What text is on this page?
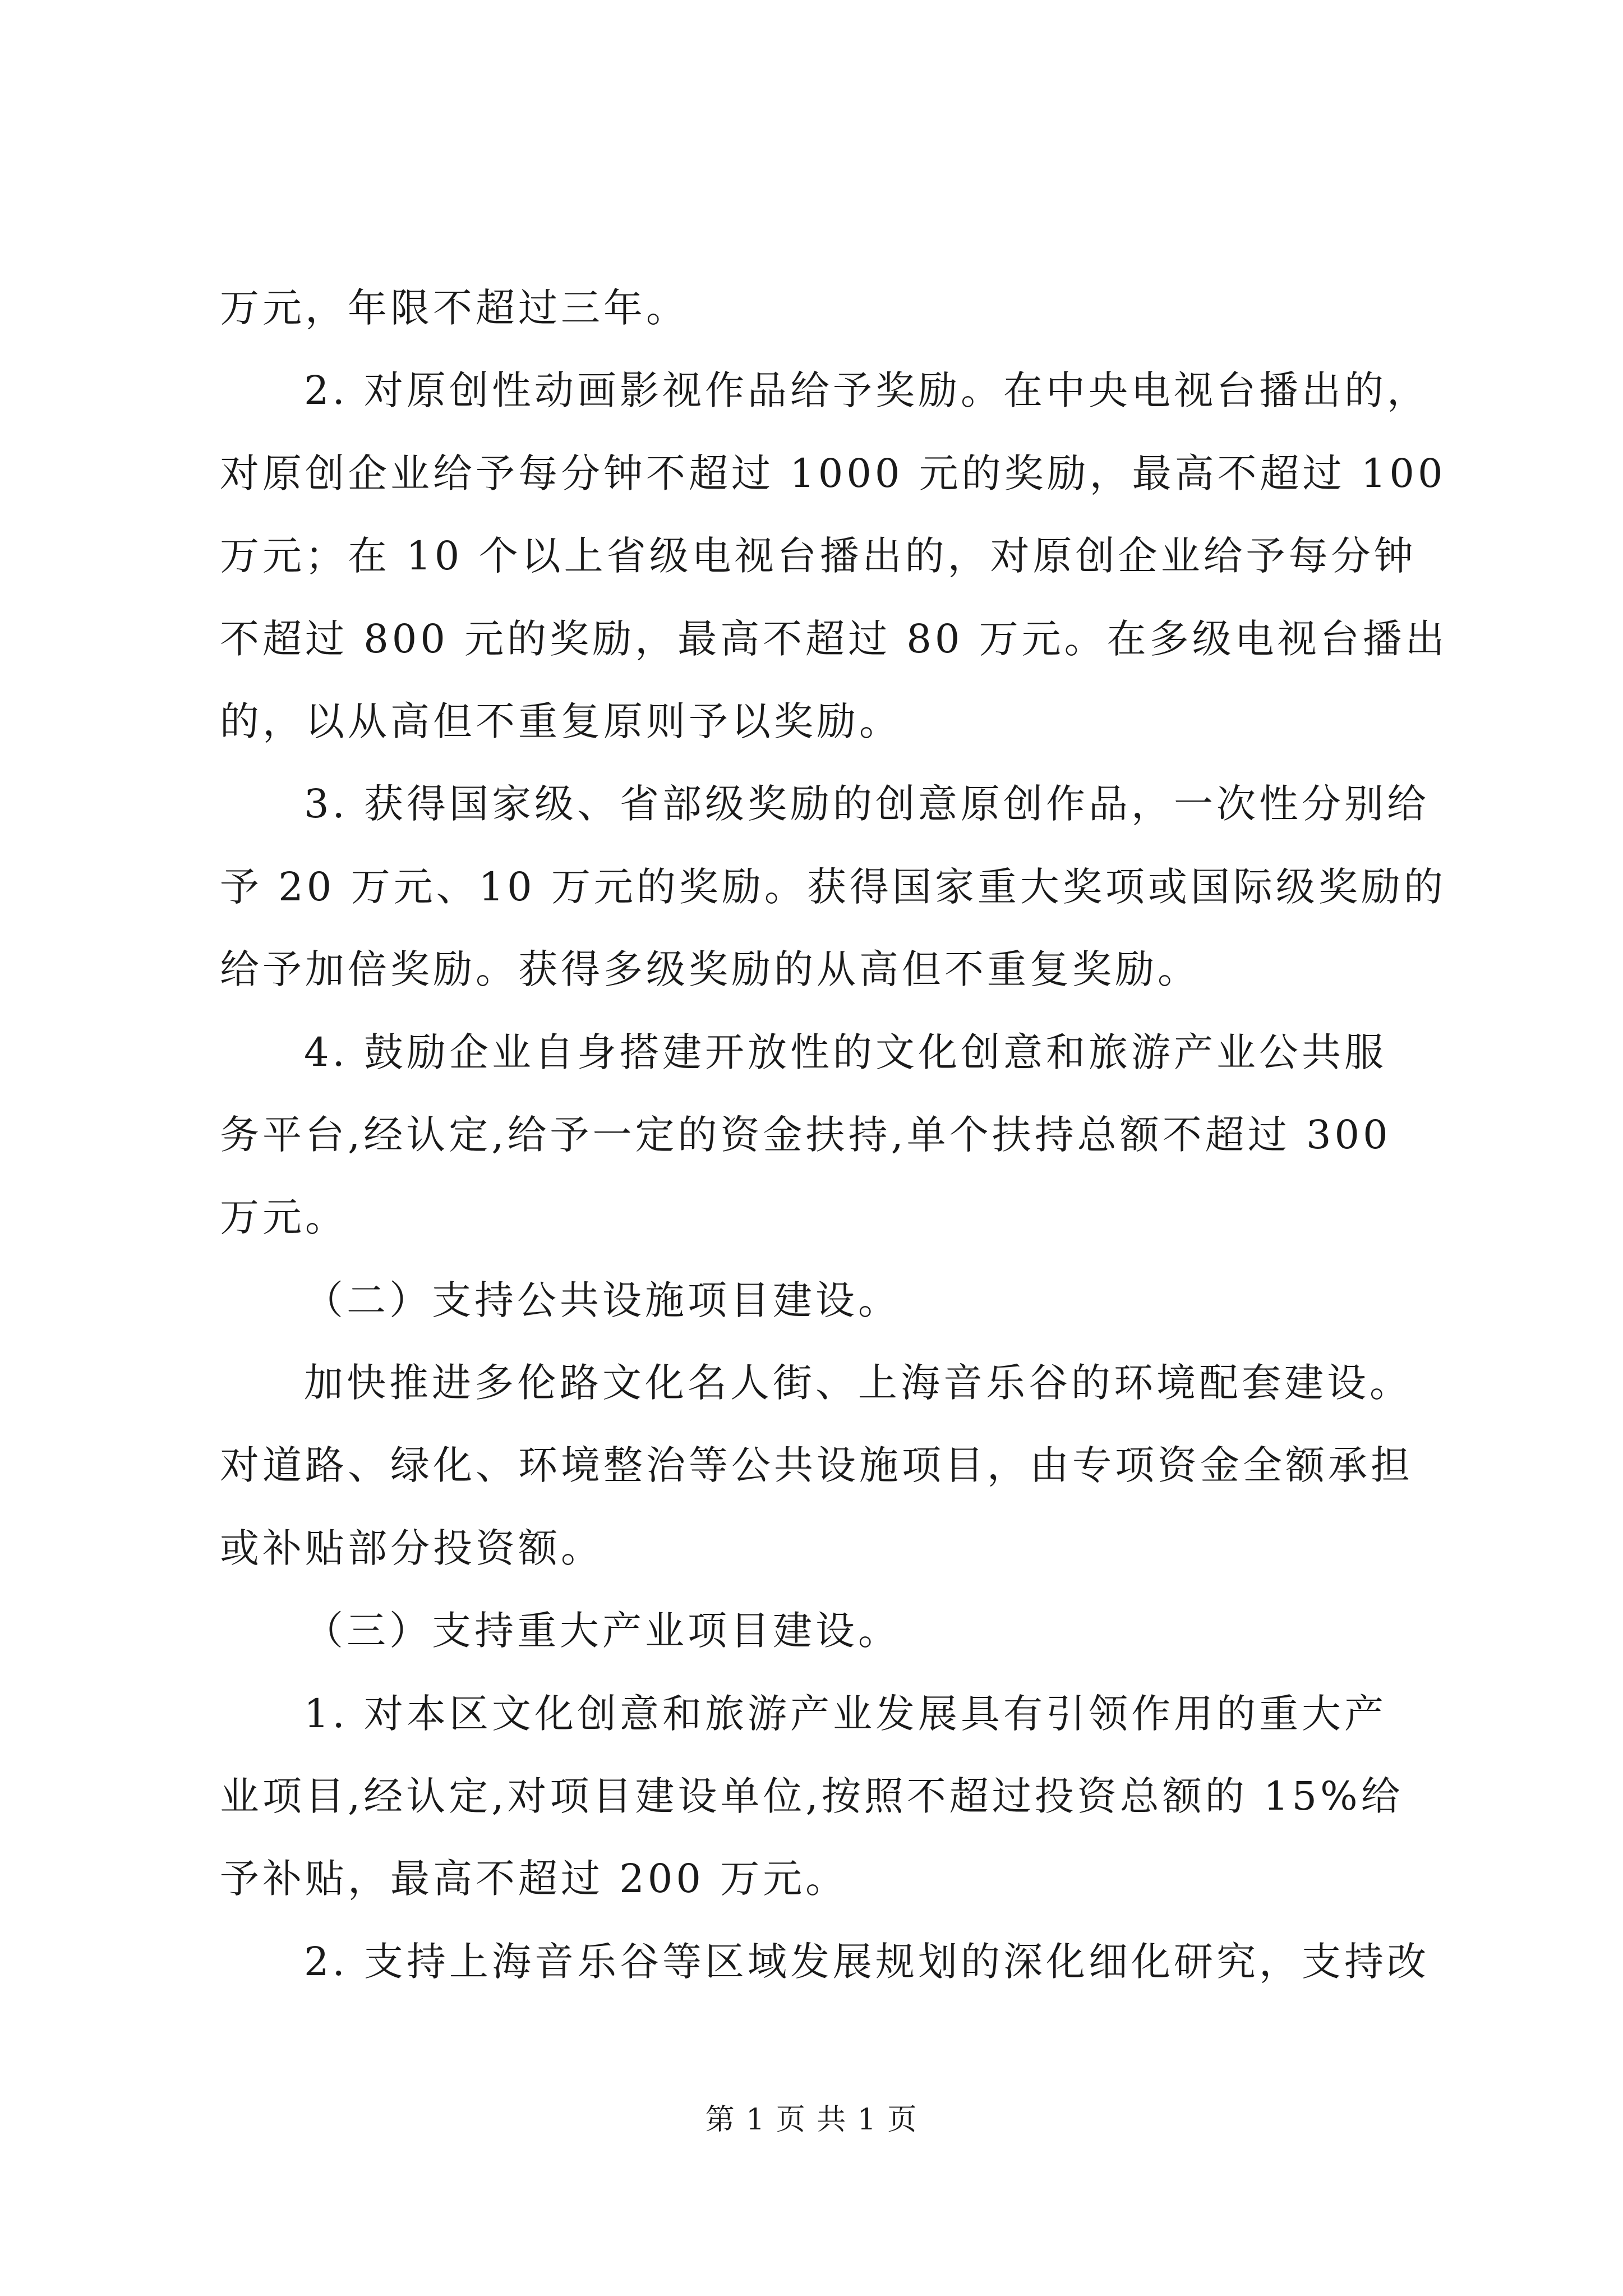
万元，年限不超过三年。
2. 对原创性动画影视作品给予奖励。在中央电视台播出的，
对原创企业给予每分钟不超过 1000 元的奖励，最高不超过 100
万元；在 10 个以上省级电视台播出的，对原创企业给予每分钟
不超过 800 元的奖励，最高不超过 80 万元。在多级电视台播出
的，以从高但不重复原则予以奖励。
3. 获得国家级、省部级奖励的创意原创作品，一次性分别给
予 20 万元、10 万元的奖励。获得国家重大奖项或国际级奖励的
给予加倍奖励。获得多级奖励的从高但不重复奖励。
4. 鼓励企业自身搭建开放性的文化创意和旅游产业公共服
务平台,经认定,给予一定的资金扶持,单个扶持总额不超过 300
万元。
（二）支持公共设施项目建设。
加快推进多伦路文化名人街、上海音乐谷的环境配套建设。
对道路、绿化、环境整治等公共设施项目，由专项资金全额承担
或补贴部分投资额。
（三）支持重大产业项目建设。
1. 对本区文化创意和旅游产业发展具有引领作用的重大产
业项目,经认定,对项目建设单位,按照不超过投资总额的 15%给
予补贴，最高不超过 200 万元。
2. 支持上海音乐谷等区域发展规划的深化细化研究，支持改
第 1 页 共 1 页
